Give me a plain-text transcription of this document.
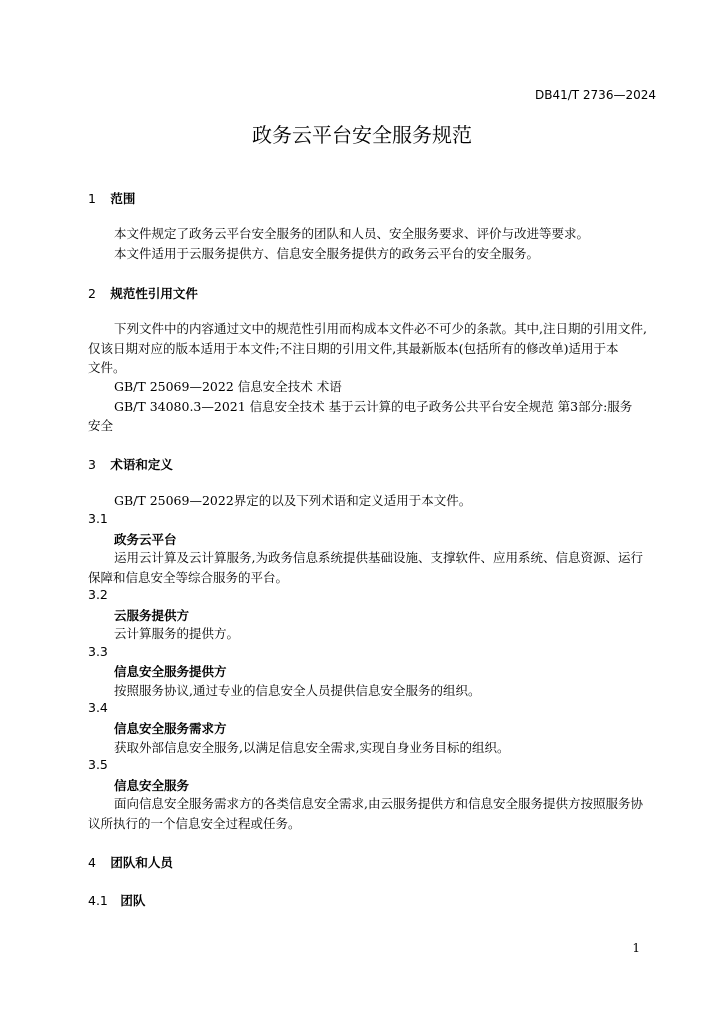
DB41/T 2736—2024
政务云平台安全服务规范
1 范围
本文件规定了政务云平台安全服务的团队和人员、安全服务要求、评价与改进等要求。
本文件适用于云服务提供方、信息安全服务提供方的政务云平台的安全服务。
2 规范性引用文件
下列文件中的内容通过文中的规范性引用而构成本文件必不可少的条款。其中,注日期的引用文件,
仅该日期对应的版本适用于本文件;不注日期的引用文件,其最新版本(包括所有的修改单)适用于本
文件。
GB/T 25069—2022 信息安全技术 术语
GB/T 34080.3—2021 信息安全技术 基于云计算的电子政务公共平台安全规范 第3部分:服务
安全
3 术语和定义
GB/T 25069—2022界定的以及下列术语和定义适用于本文件。
3.1
政务云平台
运用云计算及云计算服务,为政务信息系统提供基础设施、支撑软件、应用系统、信息资源、运行
保障和信息安全等综合服务的平台。
3.2
云服务提供方
云计算服务的提供方。
3.3
信息安全服务提供方
按照服务协议,通过专业的信息安全人员提供信息安全服务的组织。
3.4
信息安全服务需求方
获取外部信息安全服务,以满足信息安全需求,实现自身业务目标的组织。
3.5
信息安全服务
面向信息安全服务需求方的各类信息安全需求,由云服务提供方和信息安全服务提供方按照服务协
议所执行的一个信息安全过程或任务。
4 团队和人员
4.1 团队
1
